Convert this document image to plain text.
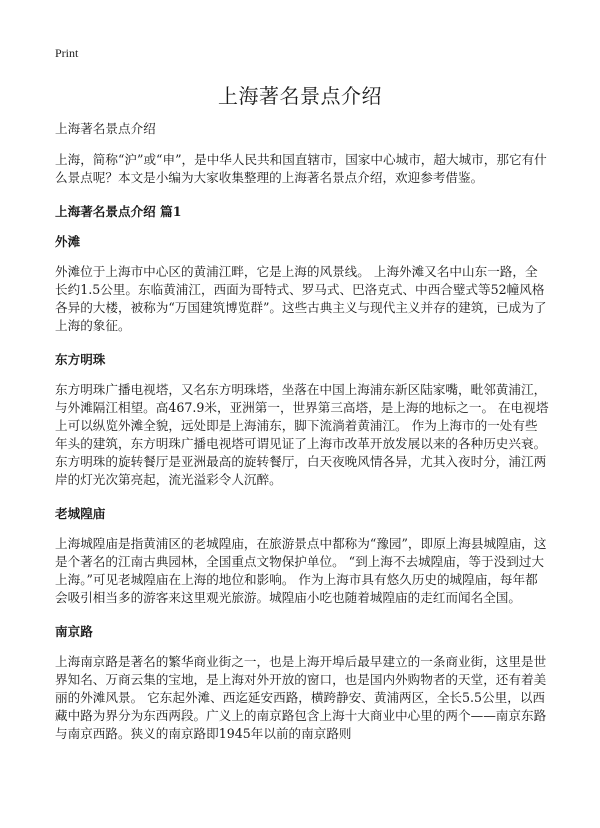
Print
上海著名景点介绍

上海著名景点介绍

上海，简称“沪”或“申”，是中华人民共和国直辖市，国家中心城市，超大城市，那它有什么景点呢？本文是小编为大家收集整理的上海著名景点介绍，欢迎参考借鉴。

上海著名景点介绍 篇1

外滩

外滩位于上海市中心区的黄浦江畔，它是上海的风景线。 上海外滩又名中山东一路，全长约1.5公里。东临黄浦江，西面为哥特式、罗马式、巴洛克式、中西合璧式等52幢风格各异的大楼，被称为“万国建筑博览群”。这些古典主义与现代主义并存的建筑，已成为了上海的象征。

东方明珠

东方明珠广播电视塔，又名东方明珠塔，坐落在中国上海浦东新区陆家嘴，毗邻黄浦江，与外滩隔江相望。高467.9米，亚洲第一，世界第三高塔，是上海的地标之一。 在电视塔上可以纵览外滩全貌，远处即是上海浦东，脚下流淌着黄浦江。 作为上海市的一处有些年头的建筑，东方明珠广播电视塔可谓见证了上海市改革开放发展以来的各种历史兴衰。 东方明珠的旋转餐厅是亚洲最高的旋转餐厅，白天夜晚风情各异，尤其入夜时分，浦江两岸的灯光次第亮起，流光溢彩令人沉醉。

老城隍庙

上海城隍庙是指黄浦区的老城隍庙，在旅游景点中都称为“豫园”，即原上海县城隍庙，这是个著名的江南古典园林，全国重点文物保护单位。 “到上海不去城隍庙，等于没到过大上海。”可见老城隍庙在上海的地位和影响。 作为上海市具有悠久历史的城隍庙，每年都会吸引相当多的游客来这里观光旅游。城隍庙小吃也随着城隍庙的走红而闻名全国。

南京路

上海南京路是著名的繁华商业街之一，也是上海开埠后最早建立的一条商业街，这里是世界知名、万商云集的宝地，是上海对外开放的窗口，也是国内外购物者的天堂，还有着美丽的外滩风景。 它东起外滩、西迄延安西路，横跨静安、黄浦两区，全长5.5公里，以西藏中路为界分为东西两段。广义上的南京路包含上海十大商业中心里的两个——南京东路与南京西路。狭义的南京路即1945年以前的南京路则
